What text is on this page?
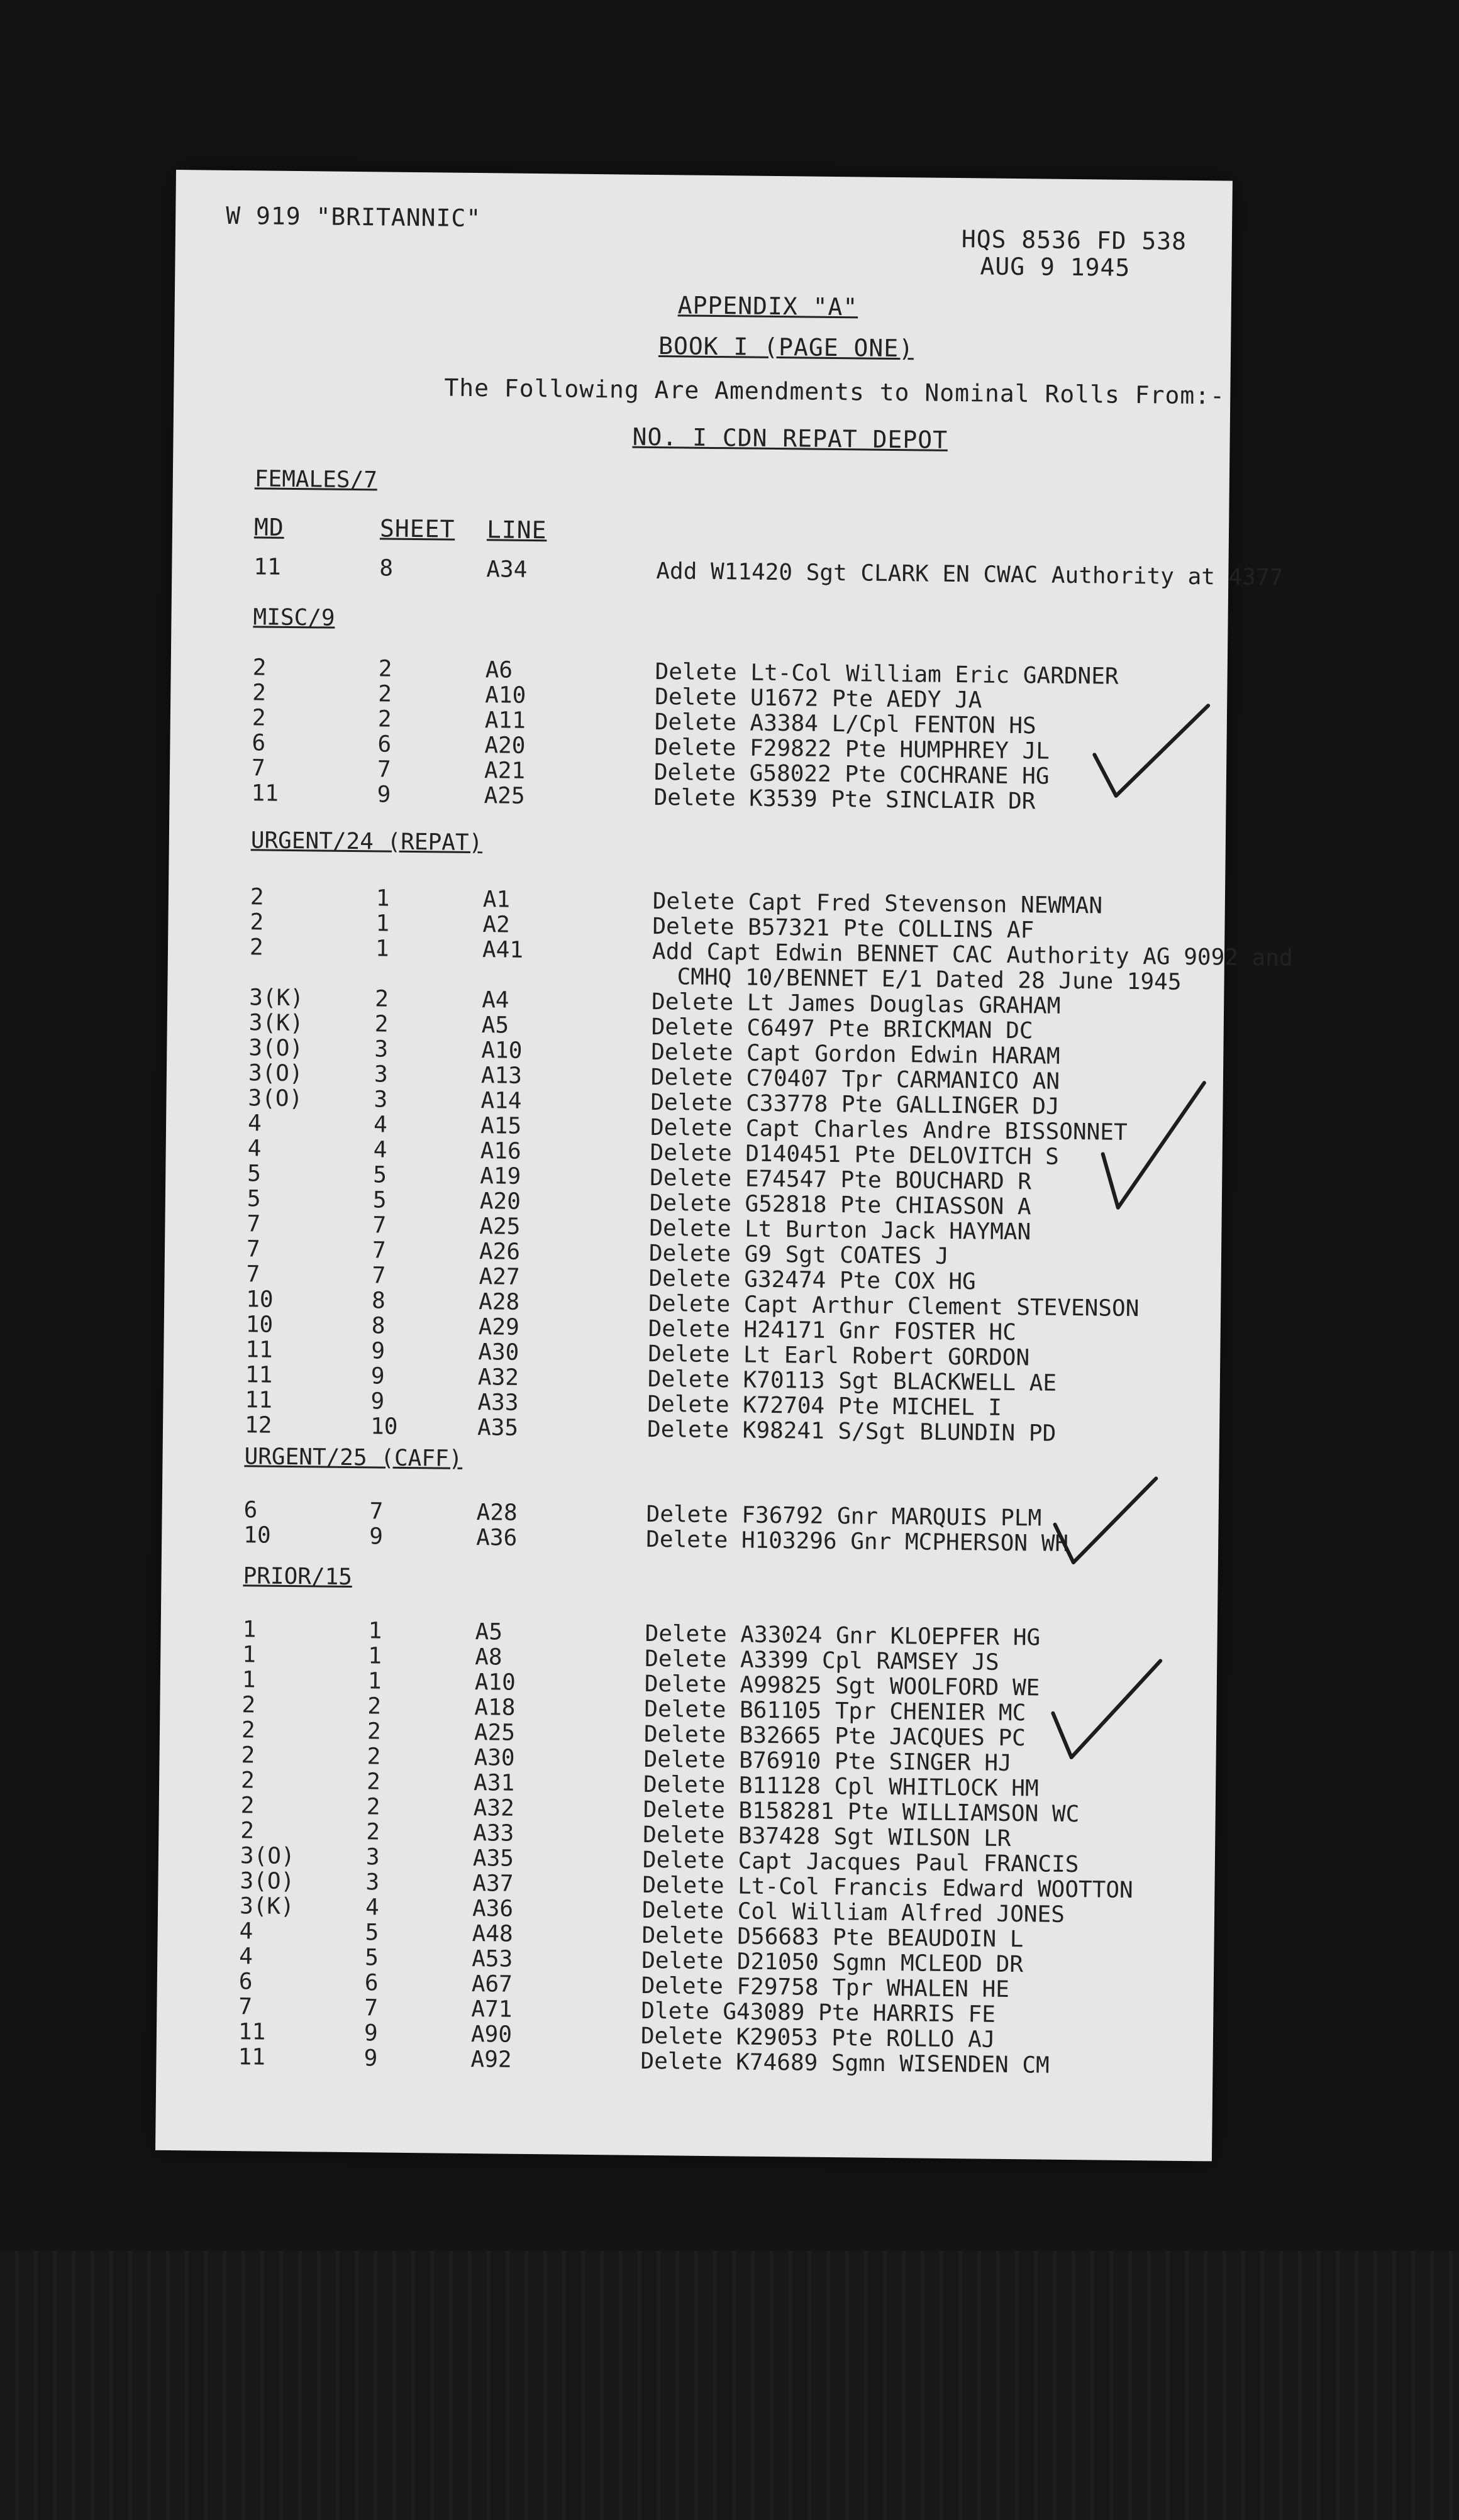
W 919 "BRITANNIC"
HQS 8536 FD 538
AUG 9 1945
APPENDIX "A"
BOOK I (PAGE ONE)
The Following Are Amendments to Nominal Rolls From:-
NO. I CDN REPAT DEPOT
MD	SHEET LINE
FEMALES/7
11	8	A34	Add W11420 Sgt CLARK EN CWAC Authority at 4377
MISC/9
2	2	A6	Delete Lt-Col William Eric GARDNER
2	2	A10	Delete U1672 Pte AEDY JA
2	2	A11	Delete A3384 L/Cpl FENTON HS
6	6	A20	Delete F29822 Pte HUMPHREY JL
7	7	A21	Delete G58022 Pte COCHRANE HG
11	9	A25	Delete K3539 Pte SINCLAIR DR
URGENT/24 (REPAT)
2	1	A1	Delete Capt Fred Stevenson NEWMAN
2	1	A2	Delete B57321 Pte COLLINS AF
2	1	A41	Add Capt Edwin BENNET CAC Authority AG 9092 and
CMHQ 10/BENNET E/1 Dated 28 June 1945
3(K)	2	A4	Delete Lt James Douglas GRAHAM
3(K)	2	A5	Delete C6497 Pte BRICKMAN DC
3(O)	3	A10	Delete Capt Gordon Edwin HARAM
3(O)	3	A13	Delete C70407 Tpr CARMANICO AN
3(O)	3	A14	Delete C33778 Pte GALLINGER DJ
4	4	A15	Delete Capt Charles Andre BISSONNET
4	4	A16	Delete D140451 Pte DELOVITCH S
5	5	A19	Delete E74547 Pte BOUCHARD R
5	5	A20	Delete G52818 Pte CHIASSON A
7	7	A25	Delete Lt Burton Jack HAYMAN
7	7	A26	Delete G9 Sgt COATES J
7	7	A27	Delete G32474 Pte COX HG
10	8	A28	Delete Capt Arthur Clement STEVENSON
10	8	A29	Delete H24171 Gnr FOSTER HC
11	9	A30	Delete Lt Earl Robert GORDON
11	9	A32	Delete K70113 Sgt BLACKWELL AE
11	9	A33	Delete K72704 Pte MICHEL I
12	10	A35	Delete K98241 S/Sgt BLUNDIN PD
URGENT/25 (CAFF)
6	7	A28	Delete F36792 Gnr MARQUIS PLM
10	9	A36	Delete H103296 Gnr MCPHERSON WH
PRIOR/15
1	1	A5	Delete A33024 Gnr KLOEPFER HG
1	1	A8	Delete A3399 Cpl RAMSEY JS
1	1	A10	Delete A99825 Sgt WOOLFORD WE
2	2	A18	Delete B61105 Tpr CHENIER MC
2	2	A25	Delete B32665 Pte JACQUES PC
2	2	A30	Delete B76910 Pte SINGER HJ
2	2	A31	Delete B11128 Cpl WHITLOCK HM
2	2	A32	Delete B158281 Pte WILLIAMSON WC
2	2	A33	Delete B37428 Sgt WILSON LR
3(O)	3	A35	Delete Capt Jacques Paul FRANCIS
3(O)	3	A37	Delete Lt-Col Francis Edward WOOTTON
3(K)	4	A36	Delete Col William Alfred JONES
4	5	A48	Delete D56683 Pte BEAUDOIN L
4	5	A53	Delete D21050 Sgmn MCLEOD DR
6	6	A67	Delete F29758 Tpr WHALEN HE
7	7	A71	Dlete G43089 Pte HARRIS FE
11	9	A90	Delete K29053 Pte ROLLO AJ
11	9	A92	Delete K74689 Sgmn WISENDEN CM
